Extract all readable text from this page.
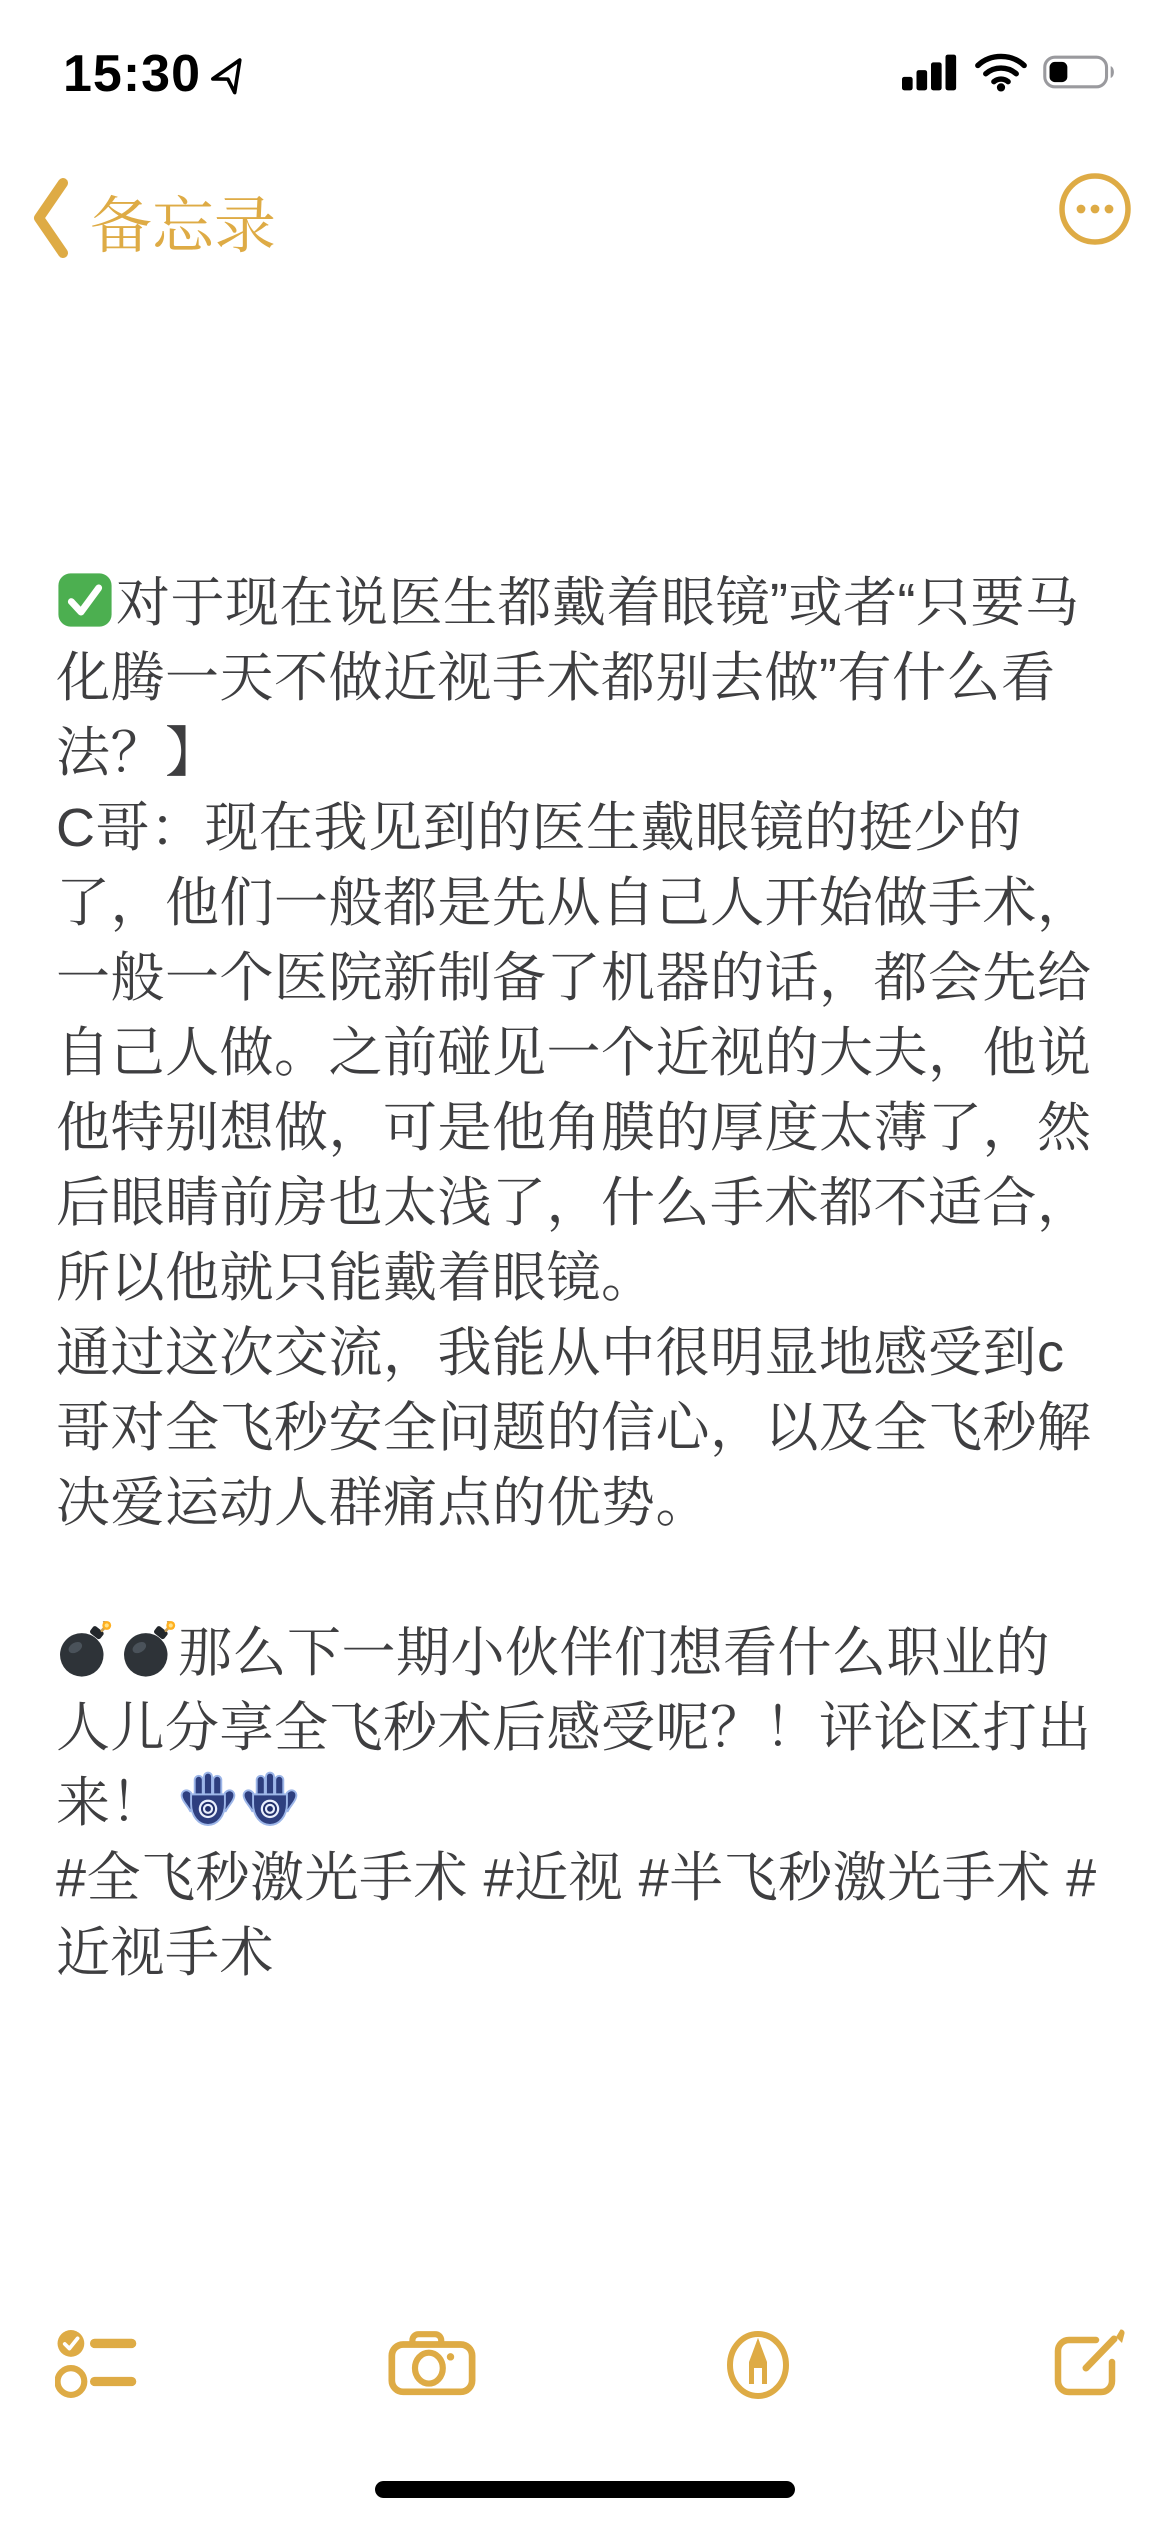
15:30
备忘录
对于现在说医生都戴着眼镜”或者“只要马
化腾一天不做近视手术都别去做”有什么看
法？】
C哥：现在我见到的医生戴眼镜的挺少的
了，他们一般都是先从自己人开始做手术，
一般一个医院新制备了机器的话，都会先给
自己人做。之前碰见一个近视的大夫，他说
他特别想做，可是他角膜的厚度太薄了，然
后眼睛前房也太浅了，什么手术都不适合，
所以他就只能戴着眼镜。
通过这次交流，我能从中很明显地感受到c
哥对全飞秒安全问题的信心，以及全飞秒解
决爱运动人群痛点的优势。
那么下一期小伙伴们想看什么职业的
人儿分享全飞秒术后感受呢？！评论区打出
来！
#全飞秒激光手术 #近视 #半飞秒激光手术 #
近视手术
